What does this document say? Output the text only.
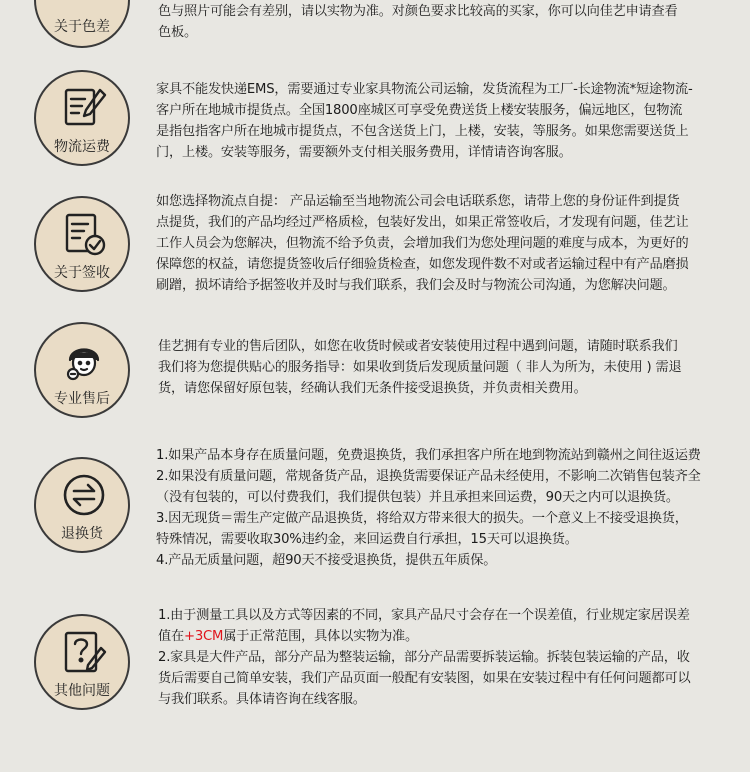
关于色差

色与照片可能会有差别，请以实物为准。对颜色要求比较高的买家，你可以向佳艺申请查看

色板。

物流运费

家具不能发快递EMS，需要通过专业家具物流公司运输，发货流程为工厂-长途物流*短途物流-

客户所在地城市提货点。全国1800座城区可享受免费送货上楼安装服务，偏远地区，包物流

是指包指客户所在地城市提货点，不包含送货上门，上楼，安装，等服务。如果您需要送货上

门，上楼。安装等服务，需要额外支付相关服务费用，详情请咨询客服。

关于签收

如您选择物流点自提： 产品运输至当地物流公司会电话联系您，请带上您的身份证件到提货

点提货，我们的产品均经过严格质检，包装好发出，如果正常签收后，才发现有问题，佳艺让

工作人员会为您解决，但物流不给予负责，会增加我们为您处理问题的难度与成本，为更好的

保障您的权益，请您提货签收后仔细验货检查，如您发现件数不对或者运输过程中有产品磨损

刷蹭，损坏请给予据签收并及时与我们联系，我们会及时与物流公司沟通，为您解决问题。

专业售后

佳艺拥有专业的售后团队，如您在收货时候或者安装使用过程中遇到问题，请随时联系我们

我们将为您提供贴心的服务指导：如果收到货后发现质量问题（ 非人为所为，未使用 ) 需退

货，请您保留好原包装，经确认我们无条件接受退换货，并负责相关费用。

退换货

1.如果产品本身存在质量问题，免费退换货，我们承担客户所在地到物流站到赣州之间往返运费

2.如果没有质量问题，常规备货产品，退换货需要保证产品未经使用，不影响二次销售包装齐全

（没有包装的，可以付费我们，我们提供包装）并且承担来回运费，90天之内可以退换货。

3.因无现货＝需生产定做产品退换货，将给双方带来很大的损失。一个意义上不接受退换货，

特殊情况，需要收取30%违约金，来回运费自行承担，15天可以退换货。

4.产品无质量问题，超90天不接受退换货，提供五年质保。

其他问题

1.由于测量工具以及方式等因素的不同，家具产品尺寸会存在一个误差值，行业规定家居误差

值在+3CM属于正常范围，具体以实物为准。

2.家具是大件产品，部分产品为整装运输，部分产品需要拆装运输。拆装包装运输的产品，收

货后需要自己简单安装，我们产品页面一般配有安装图，如果在安装过程中有任何问题都可以

与我们联系。具体请咨询在线客服。
